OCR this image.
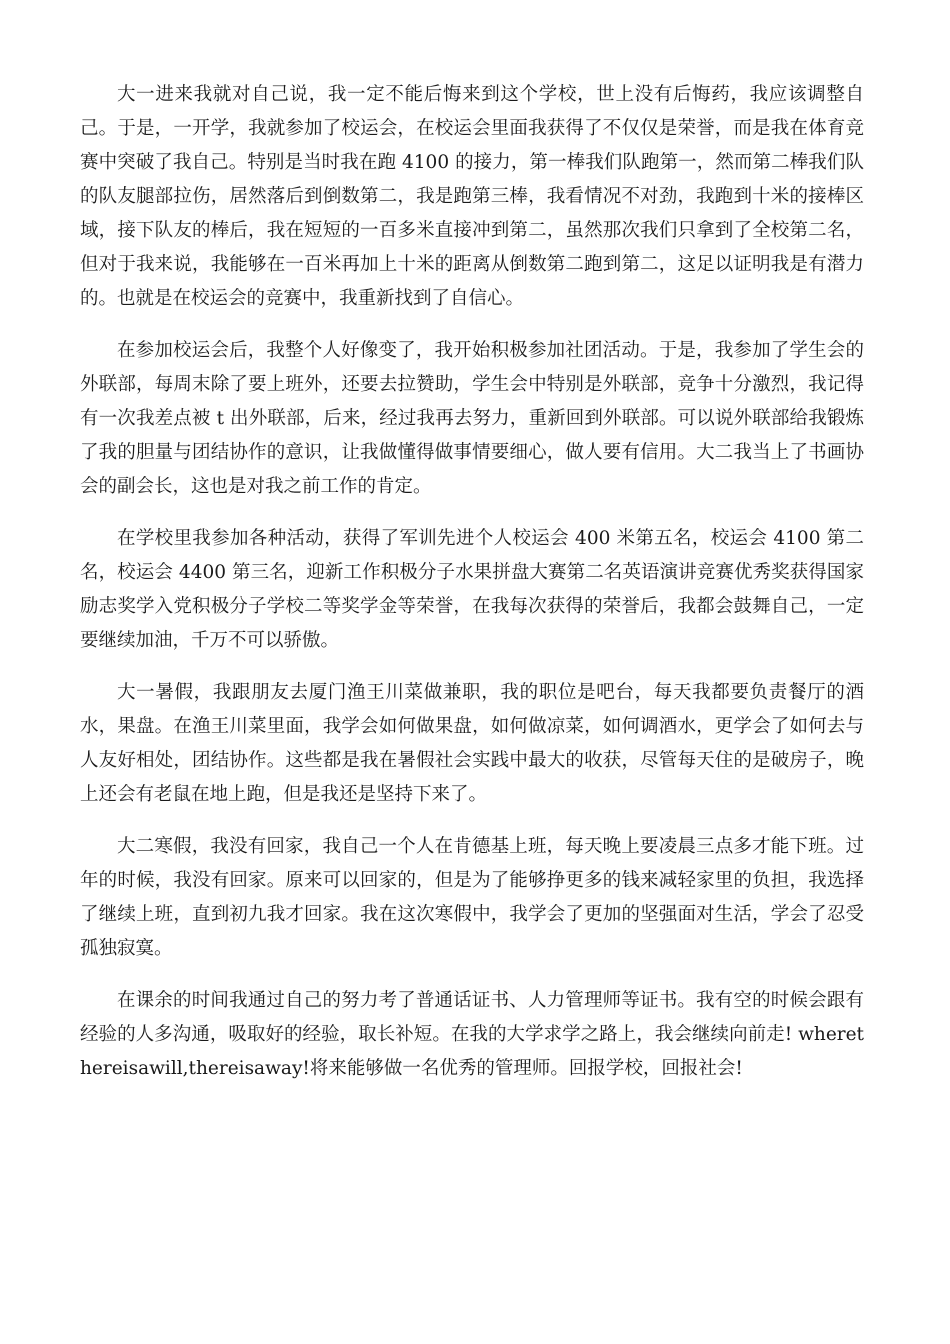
大一进来我就对自己说，我一定不能后悔来到这个学校，世上没有后悔药，我应该调整自己。于是，一开学，我就参加了校运会，在校运会里面我获得了不仅仅是荣誉，而是我在体育竞赛中突破了我自己。特别是当时我在跑 4100 的接力，第一棒我们队跑第一，然而第二棒我们队的队友腿部拉伤，居然落后到倒数第二，我是跑第三棒，我看情况不对劲，我跑到十米的接棒区域，接下队友的棒后，我在短短的一百多米直接冲到第二，虽然那次我们只拿到了全校第二名，但对于我来说，我能够在一百米再加上十米的距离从倒数第二跑到第二，这足以证明我是有潜力的。也就是在校运会的竞赛中，我重新找到了自信心。

在参加校运会后，我整个人好像变了，我开始积极参加社团活动。于是，我参加了学生会的外联部，每周末除了要上班外，还要去拉赞助，学生会中特别是外联部，竞争十分激烈，我记得有一次我差点被 t 出外联部，后来，经过我再去努力，重新回到外联部。可以说外联部给我锻炼了我的胆量与团结协作的意识，让我做懂得做事情要细心，做人要有信用。大二我当上了书画协会的副会长，这也是对我之前工作的肯定。

在学校里我参加各种活动，获得了军训先进个人校运会 400 米第五名，校运会 4100 第二名，校运会 4400 第三名，迎新工作积极分子水果拼盘大赛第二名英语演讲竞赛优秀奖获得国家励志奖学入党积极分子学校二等奖学金等荣誉，在我每次获得的荣誉后，我都会鼓舞自己，一定要继续加油，千万不可以骄傲。

大一暑假，我跟朋友去厦门渔王川菜做兼职，我的职位是吧台，每天我都要负责餐厅的酒水，果盘。在渔王川菜里面，我学会如何做果盘，如何做凉菜，如何调酒水，更学会了如何去与人友好相处，团结协作。这些都是我在暑假社会实践中最大的收获，尽管每天住的是破房子，晚上还会有老鼠在地上跑，但是我还是坚持下来了。

大二寒假，我没有回家，我自己一个人在肯德基上班，每天晚上要凌晨三点多才能下班。过年的时候，我没有回家。原来可以回家的，但是为了能够挣更多的钱来减轻家里的负担，我选择了继续上班，直到初九我才回家。我在这次寒假中，我学会了更加的坚强面对生活，学会了忍受孤独寂寞。

在课余的时间我通过自己的努力考了普通话证书、人力管理师等证书。我有空的时候会跟有经验的人多沟通，吸取好的经验，取长补短。在我的大学求学之路上，我会继续向前走! wherethereisawill,thereisaway!将来能够做一名优秀的管理师。回报学校，回报社会!
